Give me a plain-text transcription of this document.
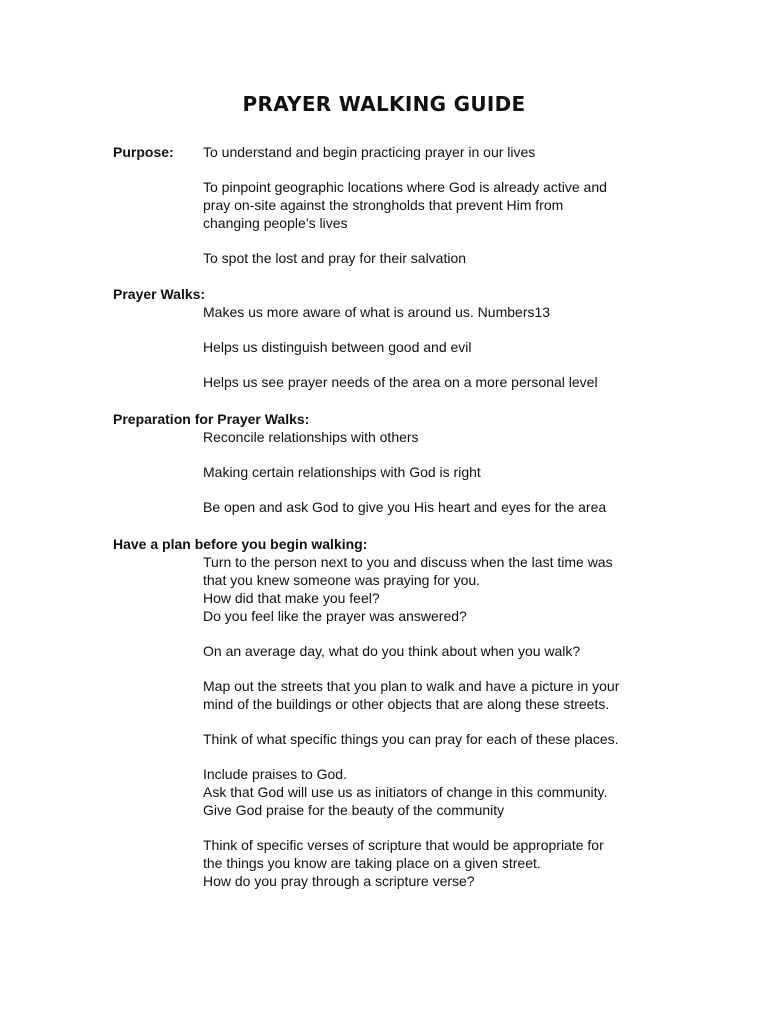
PRAYER WALKING GUIDE
Purpose: To understand and begin practicing prayer in our lives
To pinpoint geographic locations where God is already active and
pray on-site against the strongholds that prevent Him from
changing people’s lives
To spot the lost and pray for their salvation
Prayer Walks:
Makes us more aware of what is around us. Numbers13
Helps us distinguish between good and evil
Helps us see prayer needs of the area on a more personal level
Preparation for Prayer Walks:
Reconcile relationships with others
Making certain relationships with God is right
Be open and ask God to give you His heart and eyes for the area
Have a plan before you begin walking:
Turn to the person next to you and discuss when the last time was
that you knew someone was praying for you.
How did that make you feel?
Do you feel like the prayer was answered?
On an average day, what do you think about when you walk?
Map out the streets that you plan to walk and have a picture in your
mind of the buildings or other objects that are along these streets.
Think of what specific things you can pray for each of these places.
Include praises to God.
Ask that God will use us as initiators of change in this community.
Give God praise for the beauty of the community
Think of specific verses of scripture that would be appropriate for
the things you know are taking place on a given street.
How do you pray through a scripture verse?
